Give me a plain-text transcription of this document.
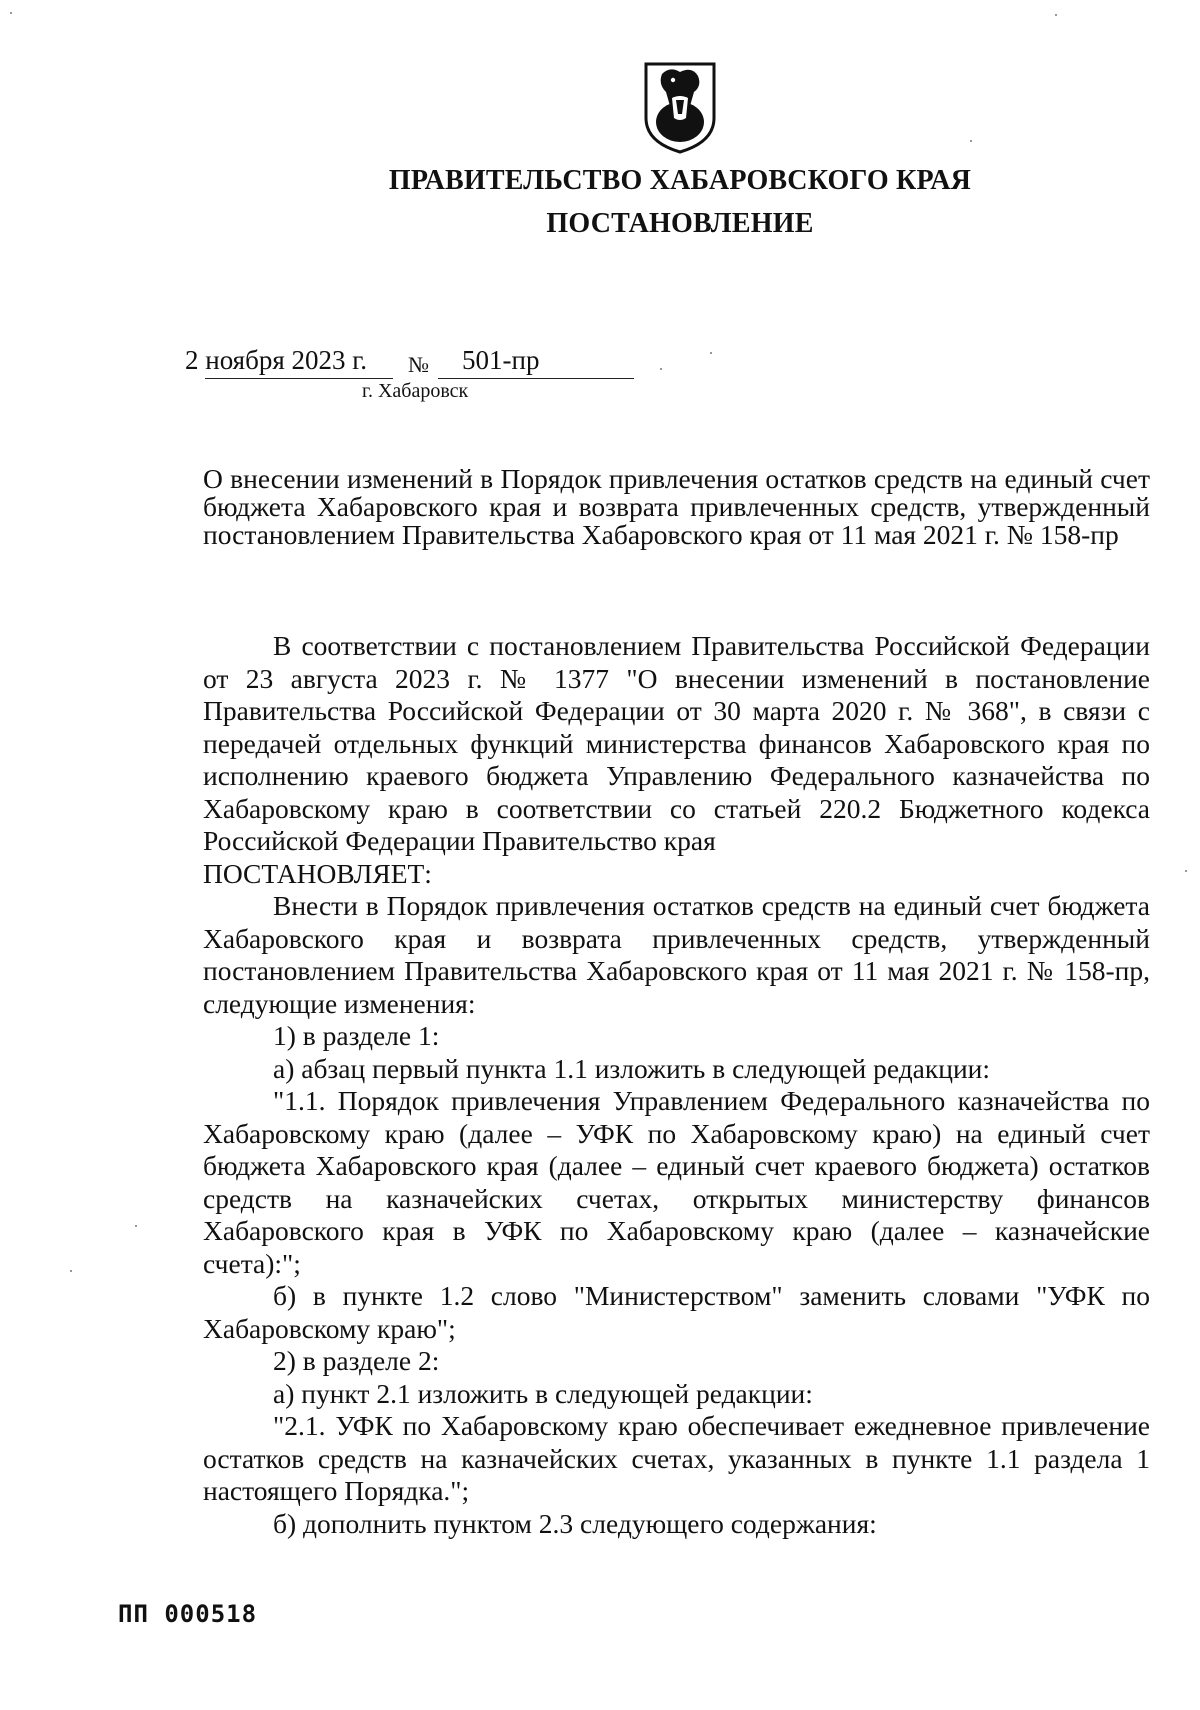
ПРАВИТЕЛЬСТВО ХАБАРОВСКОГО КРАЯ
ПОСТАНОВЛЕНИЕ
2 ноября 2023 г. № 501-пр
г. Хабаровск
О внесении изменений в Порядок привлечения остатков средств на единый счет бюджета Хабаровского края и возврата привлеченных средств, утвержденный постановлением Правительства Хабаровского края от 11 мая 2021 г. № 158-пр

В соответствии с постановлением Правительства Российской Федерации от 23 августа 2023 г. № 1377 "О внесении изменений в постановление Правительства Российской Федерации от 30 марта 2020 г. № 368", в связи с передачей отдельных функций министерства финансов Хабаровского края по исполнению краевого бюджета Управлению Федерального казначейства по Хабаровскому краю в соответствии со статьей 220.2 Бюджетного кодекса Российской Федерации Правительство края

ПОСТАНОВЛЯЕТ:

Внести в Порядок привлечения остатков средств на единый счет бюджета Хабаровского края и возврата привлеченных средств, утвержденный постановлением Правительства Хабаровского края от 11 мая 2021 г. № 158-пр, следующие изменения:

1) в разделе 1:

а) абзац первый пункта 1.1 изложить в следующей редакции:

"1.1. Порядок привлечения Управлением Федерального казначейства по Хабаровскому краю (далее – УФК по Хабаровскому краю) на единый счет бюджета Хабаровского края (далее – единый счет краевого бюджета) остатков средств на казначейских счетах, открытых министерству финансов Хабаровского края в УФК по Хабаровскому краю (далее – казначейские счета):";

б) в пункте 1.2 слово "Министерством" заменить словами "УФК по Хабаровскому краю";

2) в разделе 2:

а) пункт 2.1 изложить в следующей редакции:

"2.1. УФК по Хабаровскому краю обеспечивает ежедневное привлечение остатков средств на казначейских счетах, указанных в пункте 1.1 раздела 1 настоящего Порядка.";

б) дополнить пунктом 2.3 следующего содержания:

ПП 000518
